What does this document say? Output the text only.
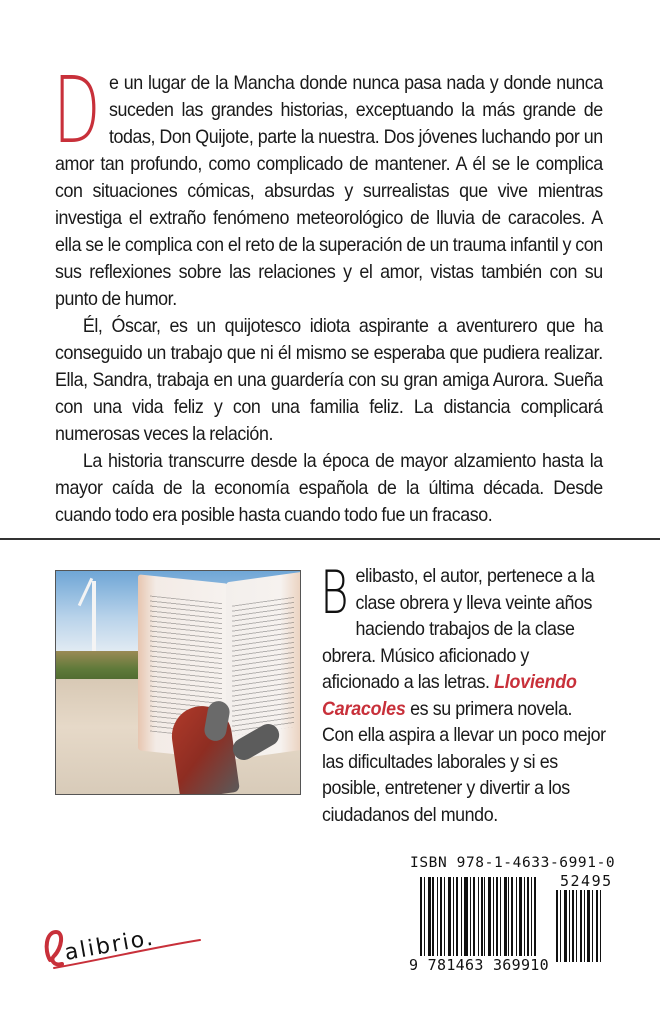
De un lugar de la Mancha donde nunca pasa nada y donde nunca suceden las grandes historias, exceptuando la más grande de todas, Don Quijote, parte la nuestra. Dos jóvenes luchando por un amor tan profundo, como complicado de mantener. A él se le complica con situaciones cómicas, absurdas y surrealistas que vive mientras investiga el extraño fenómeno meteorológico de lluvia de caracoles. A ella se le complica con el reto de la superación de un trauma infantil y con sus reflexiones sobre las relaciones y el amor, vistas también con su punto de humor.

Él, Óscar, es un quijotesco idiota aspirante a aventurero que ha conseguido un trabajo que ni él mismo se esperaba que pudiera realizar. Ella, Sandra, trabaja en una guardería con su gran amiga Aurora. Sueña con una vida feliz y con una familia feliz. La distancia complicará numerosas veces la relación.

La historia transcurre desde la época de mayor alzamiento hasta la mayor caída de la economía española de la última década. Desde cuando todo era posible hasta cuando todo fue un fracaso.

Belibasto, el autor, pertenece a la clase obrera y lleva veinte años haciendo trabajos de la clase obrera. Músico aficionado y aficionado a las letras. Lloviendo Caracoles es su primera novela. Con ella aspira a llevar un poco mejor las dificultades laborales y si es posible, entretener y divertir a los ciudadanos del mundo.

ISBN 978-1-4633-6991-0
52495
9 781463 369910
alibrio.
